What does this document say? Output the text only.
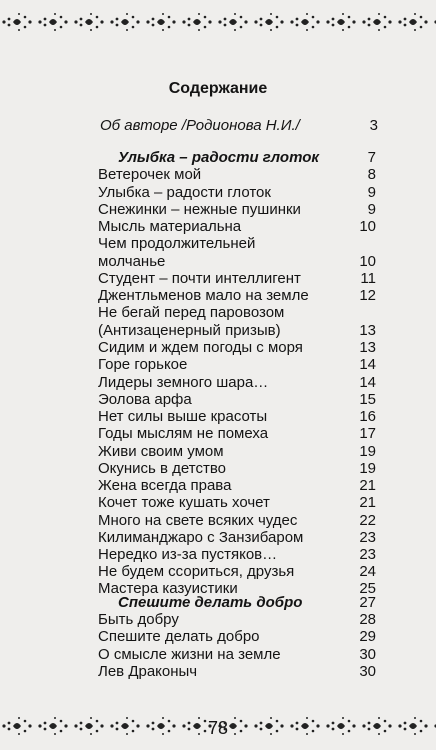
Содержание
Об авторе /Родионова Н.И./	3
Улыбка – радости глоток	7
Ветерочек мой	8
Улыбка – радости глоток	9
Снежинки – нежные пушинки	9
Мысль материальна	10
Чем продолжительней
молчанье	10
Студент – почти интеллигент	11
Джентльменов мало на земле	12
Не бегай перед паровозом
(Антизаценерный призыв)	13
Сидим и ждем погоды с моря	13
Горе горькое	14
Лидеры земного шара…	14
Эолова арфа	15
Нет силы выше красоты	16
Годы мыслям не помеха	17
Живи своим умом	19
Окунись в детство	19
Жена всегда права	21
Кочет тоже кушать хочет	21
Много на свете всяких чудес	22
Килиманджаро с Занзибаром	23
Нередко из-за пустяков…	23
Не будем ссориться, друзья	24
Мастера казуистики	25
Спешите делать добро	27
Быть добру	28
Спешите делать добро	29
О смысле жизни на земле	30
Лев Драконыч	30
